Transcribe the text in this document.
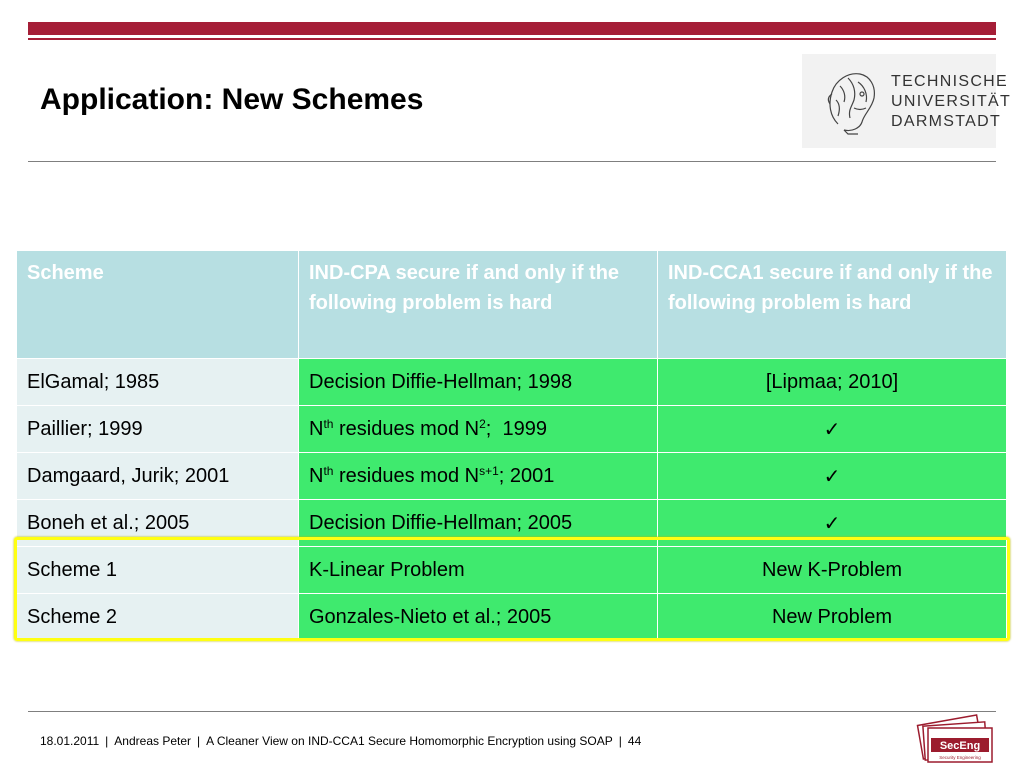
Application: New Schemes
TECHNISCHE
UNIVERSITÄT
DARMSTADT
Scheme	IND-CPA secure if and only if the following problem is hard	IND-CCA1 secure if and only if the following problem is hard
ElGamal; 1985	Decision Diffie-Hellman; 1998	[Lipmaa; 2010]
Paillier; 1999	$N^{th}$ residues mod $N^2$;  1999	✓
Damgaard, Jurik; 2001	$N^{th}$ residues mod $N^{s+1}$; 2001	✓
Boneh et al.; 2005	Decision Diffie-Hellman; 2005	✓
Scheme 1	K-Linear Problem	New K-Problem
Scheme 2	Gonzales-Nieto et al.; 2005	New Problem
18.01.2011 | Andreas Peter | A Cleaner View on IND-CCA1 Secure Homomorphic Encryption using SOAP | 44	SecEng
Security Engineering
